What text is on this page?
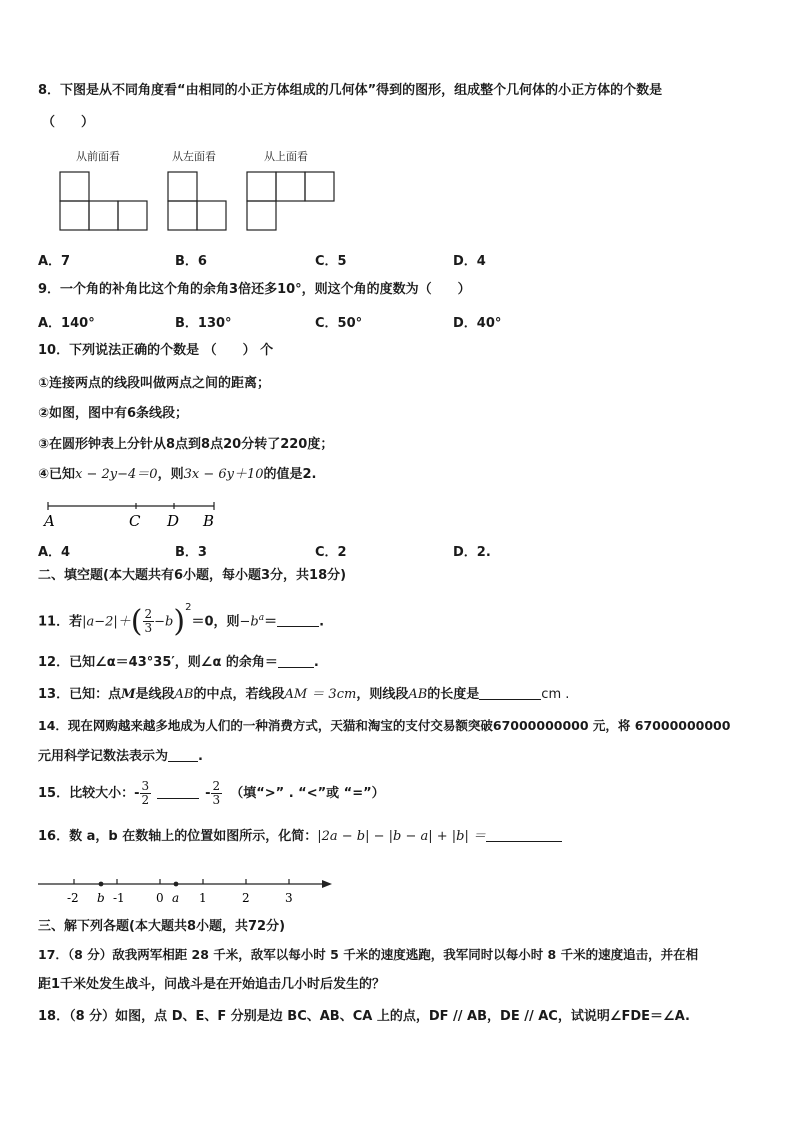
8．下图是从不同角度看“由相同的小正方体组成的几何体”得到的图形，组成整个几何体的小正方体的个数是
（　　）
从前面看	从左面看	从上面看
A．7	B．6	C．5	D．4
9．一个角的补角比这个角的余角3倍还多10°，则这个角的度数为（　　）
A．140°	B．130°	C．50°	D．40°
10．下列说法正确的个数是 （　　） 个
①连接两点的线段叫做两点之间的距离；
②如图，图中有6条线段；
③在圆形钟表上分针从8点到8点20分转了220度；
④已知x − 2y−4＝0，则3x − 6y＋10的值是2.
A	C D B
A．4	B．3	C．2	D．2.
二、填空题(本大题共有6小题，每小题3分，共18分)
11．若$|a-2|+( \frac{2}{3} -b)^2=0$，则$-b^a=$	.
12．已知∠α＝43°35′，则∠α 的余角＝	.
13．已知：点M是线段AB的中点，若线段AM ＝ 3cm，则线段AB的长度是	cm .
14．现在网购越来越多地成为人们的一种消费方式，天猫和淘宝的支付交易额突破67000000000 元，将 67000000000
元用科学记数法表示为 .
15．比较大小：- $\frac{3}{2}$	- $\frac{2}{3}$ （填“>” . “<”或 “=”）
16．数 a，b 在数轴上的位置如图所示，化简：|2a − b| − |b − a| + |b| ＝
-2	-1	0	1	2	3
b	a
三、解下列各题(本大题共8小题，共72分)
17．（8 分）敌我两军相距 28 千米，敌军以每小时 5 千米的速度逃跑，我军同时以每小时 8 千米的速度追击，并在相
距1千米处发生战斗，问战斗是在开始追击几小时后发生的？
18．（8 分）如图，点 D、E、F 分别是边 BC、AB、CA 上的点，DF // AB，DE // AC，试说明∠FDE＝∠A.
